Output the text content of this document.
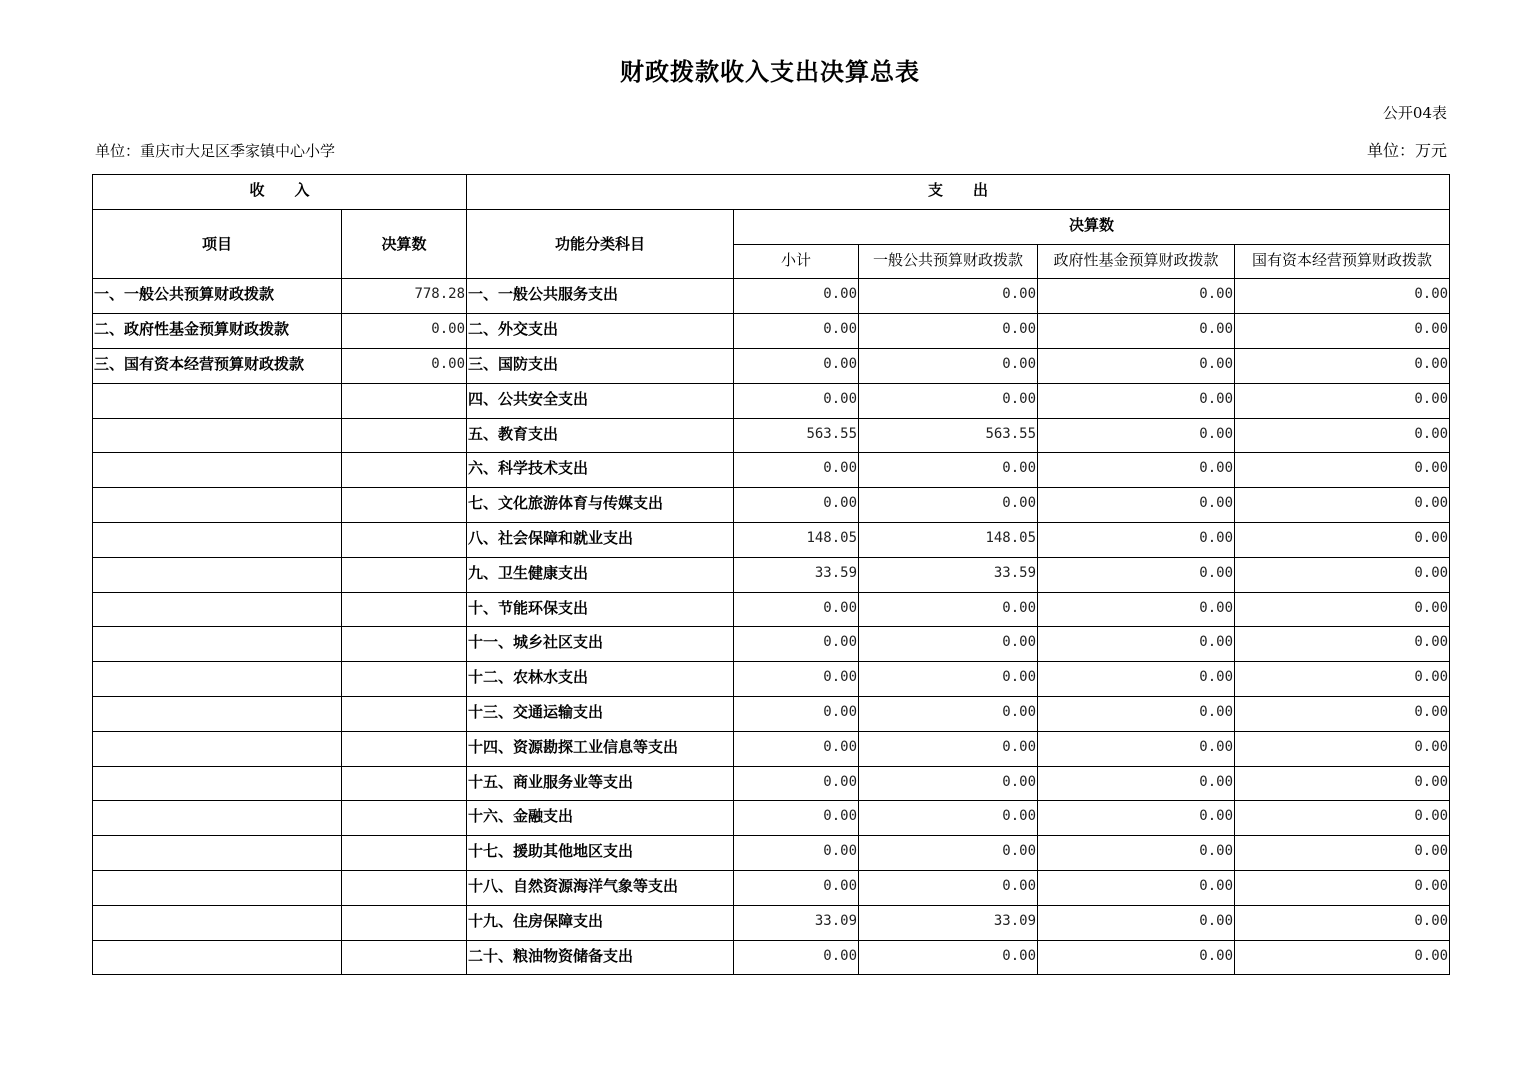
财政拨款收入支出决算总表
公开04表
单位：重庆市大足区季家镇中心小学	单位：万元
收　　入		支　　出				
项目	决算数	功能分类科目	决算数			
			小计	一般公共预算财政拨款	政府性基金预算财政拨款	国有资本经营预算财政拨款
一、一般公共预算财政拨款	778.28	一、一般公共服务支出	0.00	0.00	0.00	0.00
二、政府性基金预算财政拨款	0.00	二、外交支出	0.00	0.00	0.00	0.00
三、国有资本经营预算财政拨款	0.00	三、国防支出	0.00	0.00	0.00	0.00
		四、公共安全支出	0.00	0.00	0.00	0.00
		五、教育支出	563.55	563.55	0.00	0.00
		六、科学技术支出	0.00	0.00	0.00	0.00
		七、文化旅游体育与传媒支出	0.00	0.00	0.00	0.00
		八、社会保障和就业支出	148.05	148.05	0.00	0.00
		九、卫生健康支出	33.59	33.59	0.00	0.00
		十、节能环保支出	0.00	0.00	0.00	0.00
		十一、城乡社区支出	0.00	0.00	0.00	0.00
		十二、农林水支出	0.00	0.00	0.00	0.00
		十三、交通运输支出	0.00	0.00	0.00	0.00
		十四、资源勘探工业信息等支出	0.00	0.00	0.00	0.00
		十五、商业服务业等支出	0.00	0.00	0.00	0.00
		十六、金融支出	0.00	0.00	0.00	0.00
		十七、援助其他地区支出	0.00	0.00	0.00	0.00
		十八、自然资源海洋气象等支出	0.00	0.00	0.00	0.00
		十九、住房保障支出	33.09	33.09	0.00	0.00
		二十、粮油物资储备支出	0.00	0.00	0.00	0.00
